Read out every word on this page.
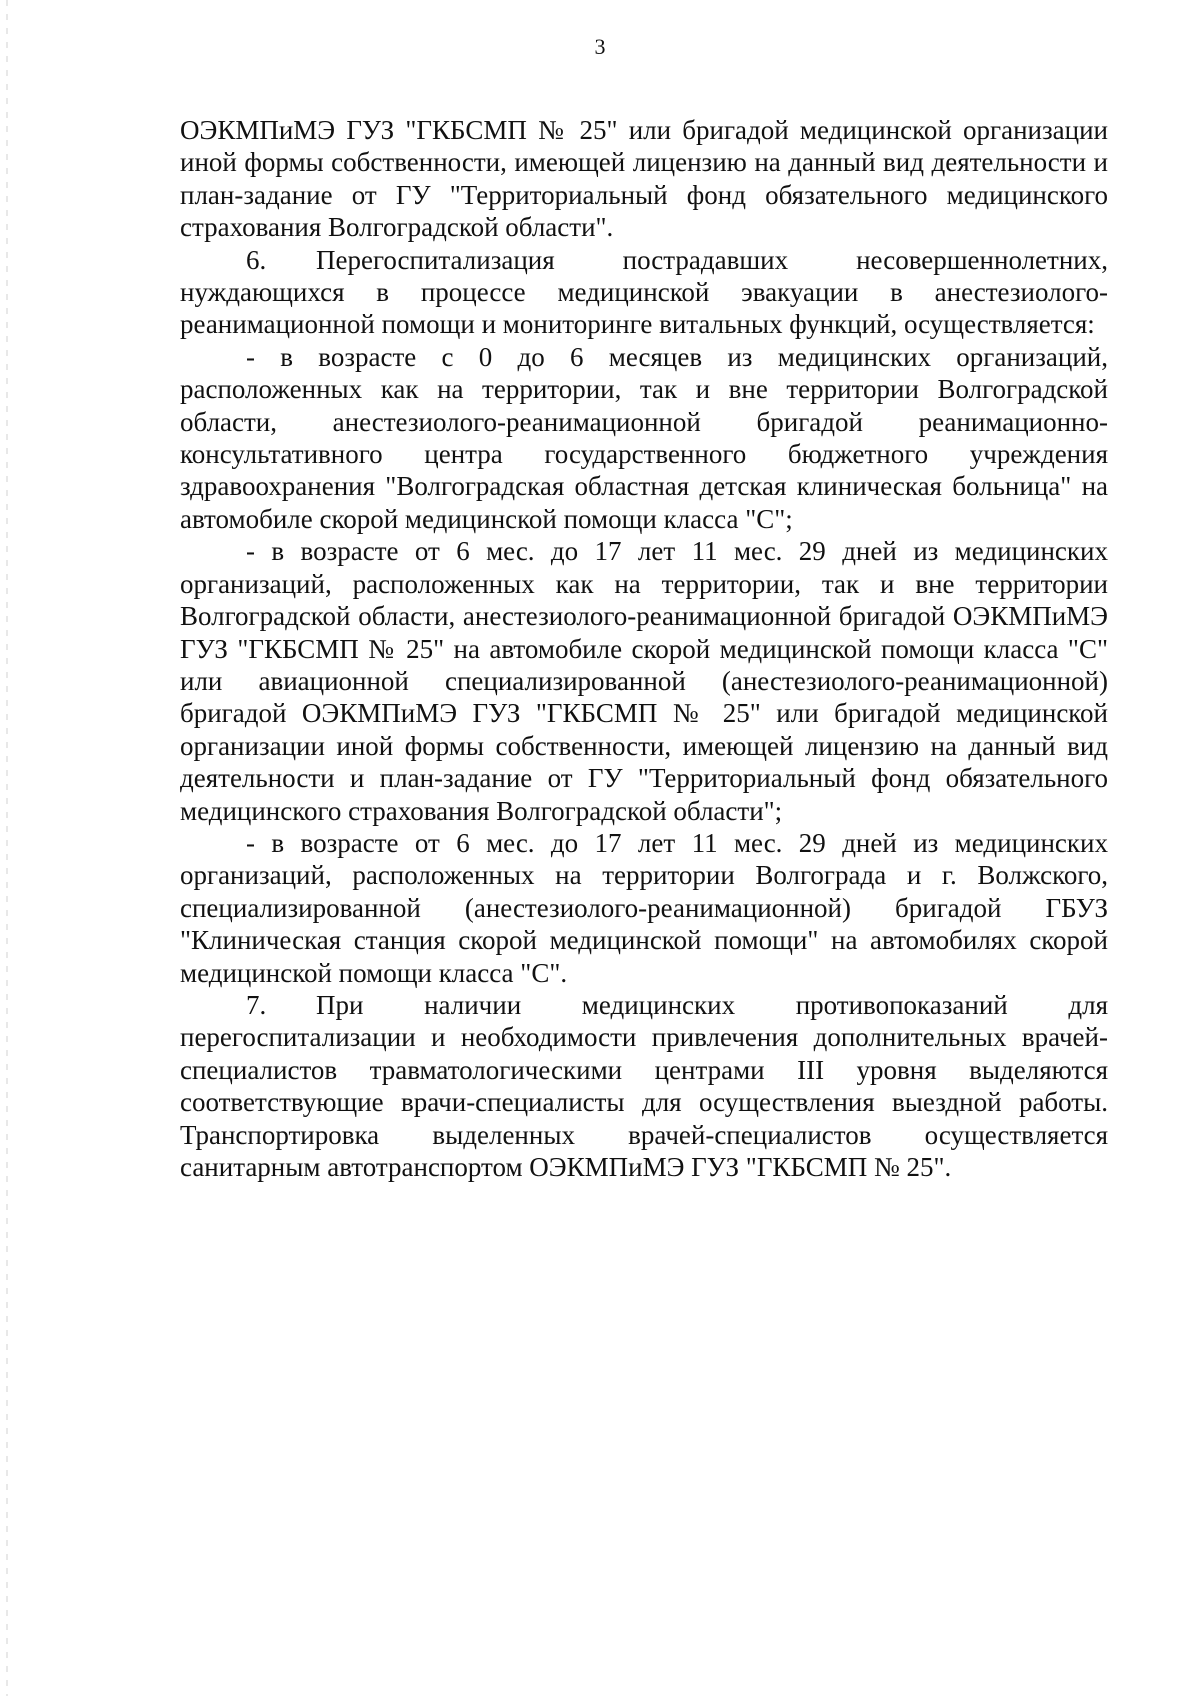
3

ОЭКМПиМЭ ГУЗ "ГКБСМП № 25" или бригадой медицинской организации иной формы собственности, имеющей лицензию на данный вид деятельности и план-задание от ГУ "Территориальный фонд обязательного медицинского страхования Волгоградской области".

6. Перегоспитализация пострадавших несовершеннолетних, нуждающихся в процессе медицинской эвакуации в анестезиолого-реанимационной помощи и мониторинге витальных функций, осуществляется:

- в возрасте с 0 до 6 месяцев из медицинских организаций, расположенных как на территории, так и вне территории Волгоградской области, анестезиолого-реанимационной бригадой реанимационно-консультативного центра государственного бюджетного учреждения здравоохранения "Волгоградская областная детская клиническая больница" на автомобиле скорой медицинской помощи класса "С";

- в возрасте от 6 мес. до 17 лет 11 мес. 29 дней из медицинских организаций, расположенных как на территории, так и вне территории Волгоградской области, анестезиолого-реанимационной бригадой ОЭКМПиМЭ ГУЗ "ГКБСМП № 25" на автомобиле скорой медицинской помощи класса "С" или авиационной специализированной (анестезиолого-реанимационной) бригадой ОЭКМПиМЭ ГУЗ "ГКБСМП № 25" или бригадой медицинской организации иной формы собственности, имеющей лицензию на данный вид деятельности и план-задание от ГУ "Территориальный фонд обязательного медицинского страхования Волгоградской области";

- в возрасте от 6 мес. до 17 лет 11 мес. 29 дней из медицинских организаций, расположенных на территории Волгограда и г. Волжского, специализированной (анестезиолого-реанимационной) бригадой ГБУЗ "Клиническая станция скорой медицинской помощи" на автомобилях скорой медицинской помощи класса "С".

7. При наличии медицинских противопоказаний для перегоспитализации и необходимости привлечения дополнительных врачей-специалистов травматологическими центрами III уровня выделяются соответствующие врачи-специалисты для осуществления выездной работы. Транспортировка выделенных врачей-специалистов осуществляется санитарным автотранспортом ОЭКМПиМЭ ГУЗ "ГКБСМП № 25".
